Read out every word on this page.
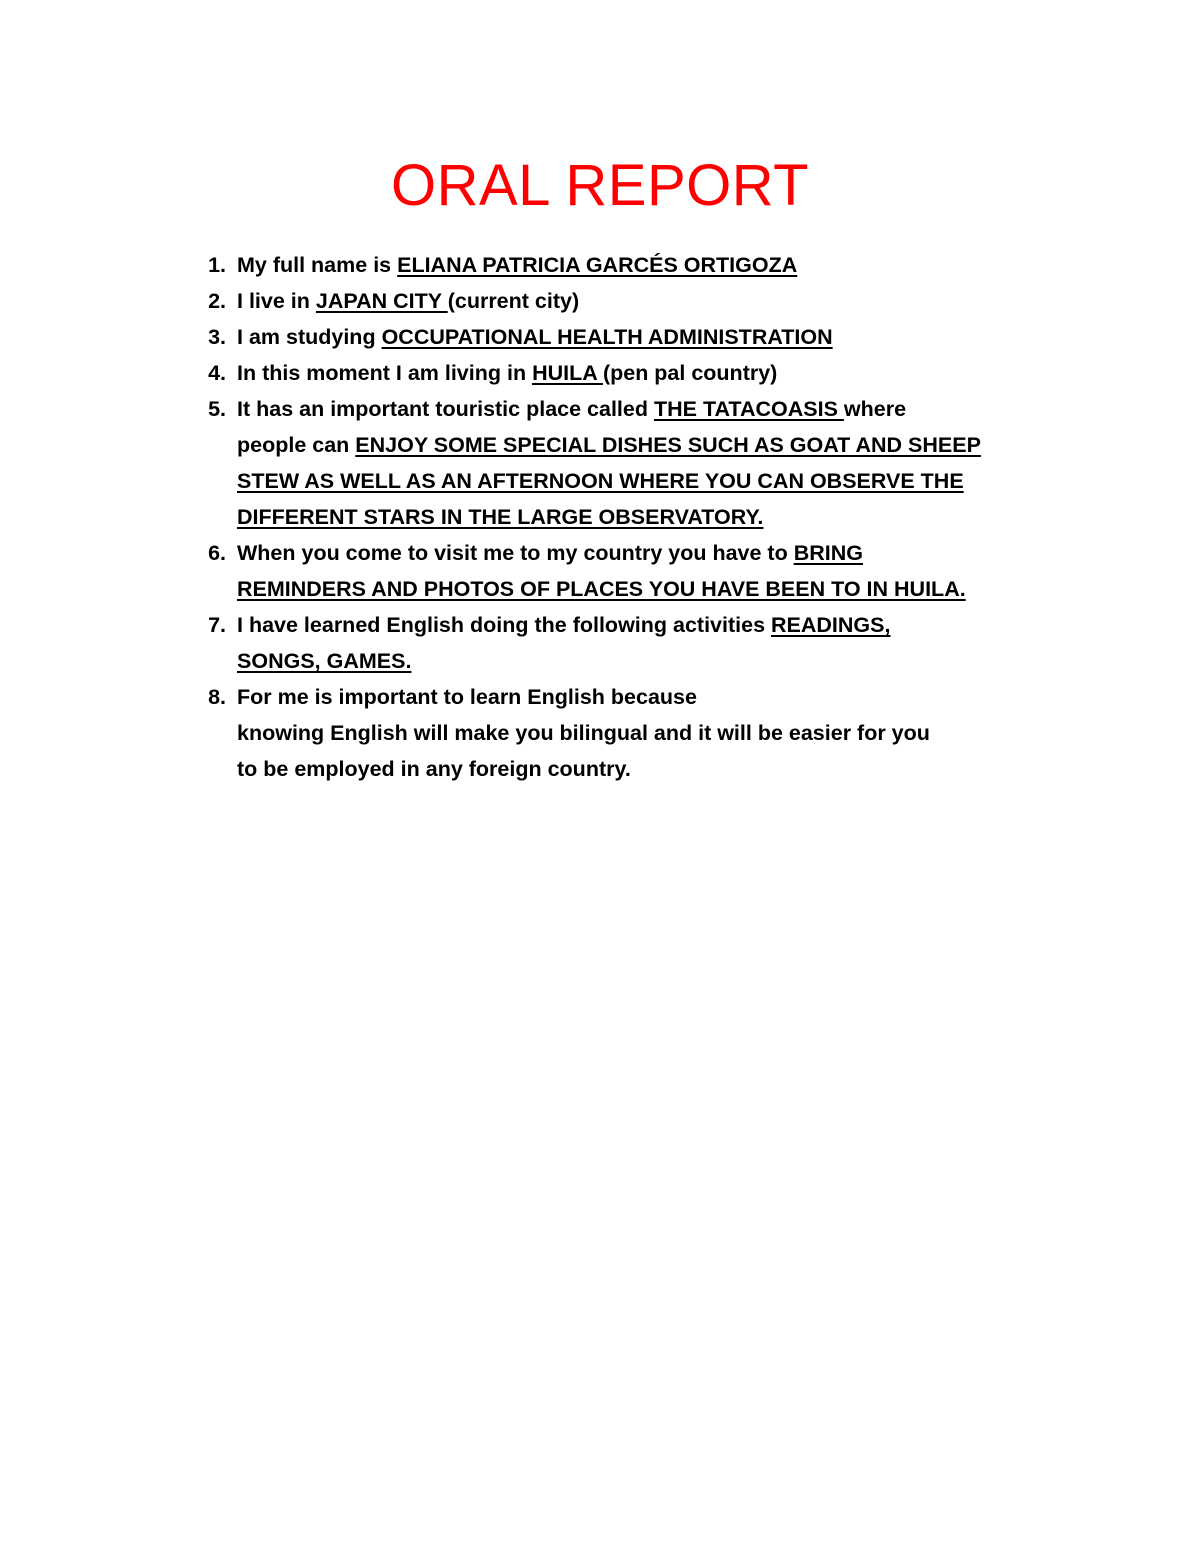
ORAL REPORT
1. My full name is ELIANA PATRICIA GARCÉS ORTIGOZA
2. I live in JAPAN CITY (current city)
3. I am studying OCCUPATIONAL HEALTH ADMINISTRATION
4. In this moment I am living in HUILA (pen pal country)
5. It has an important touristic place called THE TATACOASIS where
people can ENJOY SOME SPECIAL DISHES SUCH AS GOAT AND SHEEP
STEW AS WELL AS AN AFTERNOON WHERE YOU CAN OBSERVE THE
DIFFERENT STARS IN THE LARGE OBSERVATORY.
6. When you come to visit me to my country you have to BRING
REMINDERS AND PHOTOS OF PLACES YOU HAVE BEEN TO IN HUILA.
7. I have learned English doing the following activities READINGS,
SONGS, GAMES.
8. For me is important to learn English because
knowing English will make you bilingual and it will be easier for you
to be employed in any foreign country.
